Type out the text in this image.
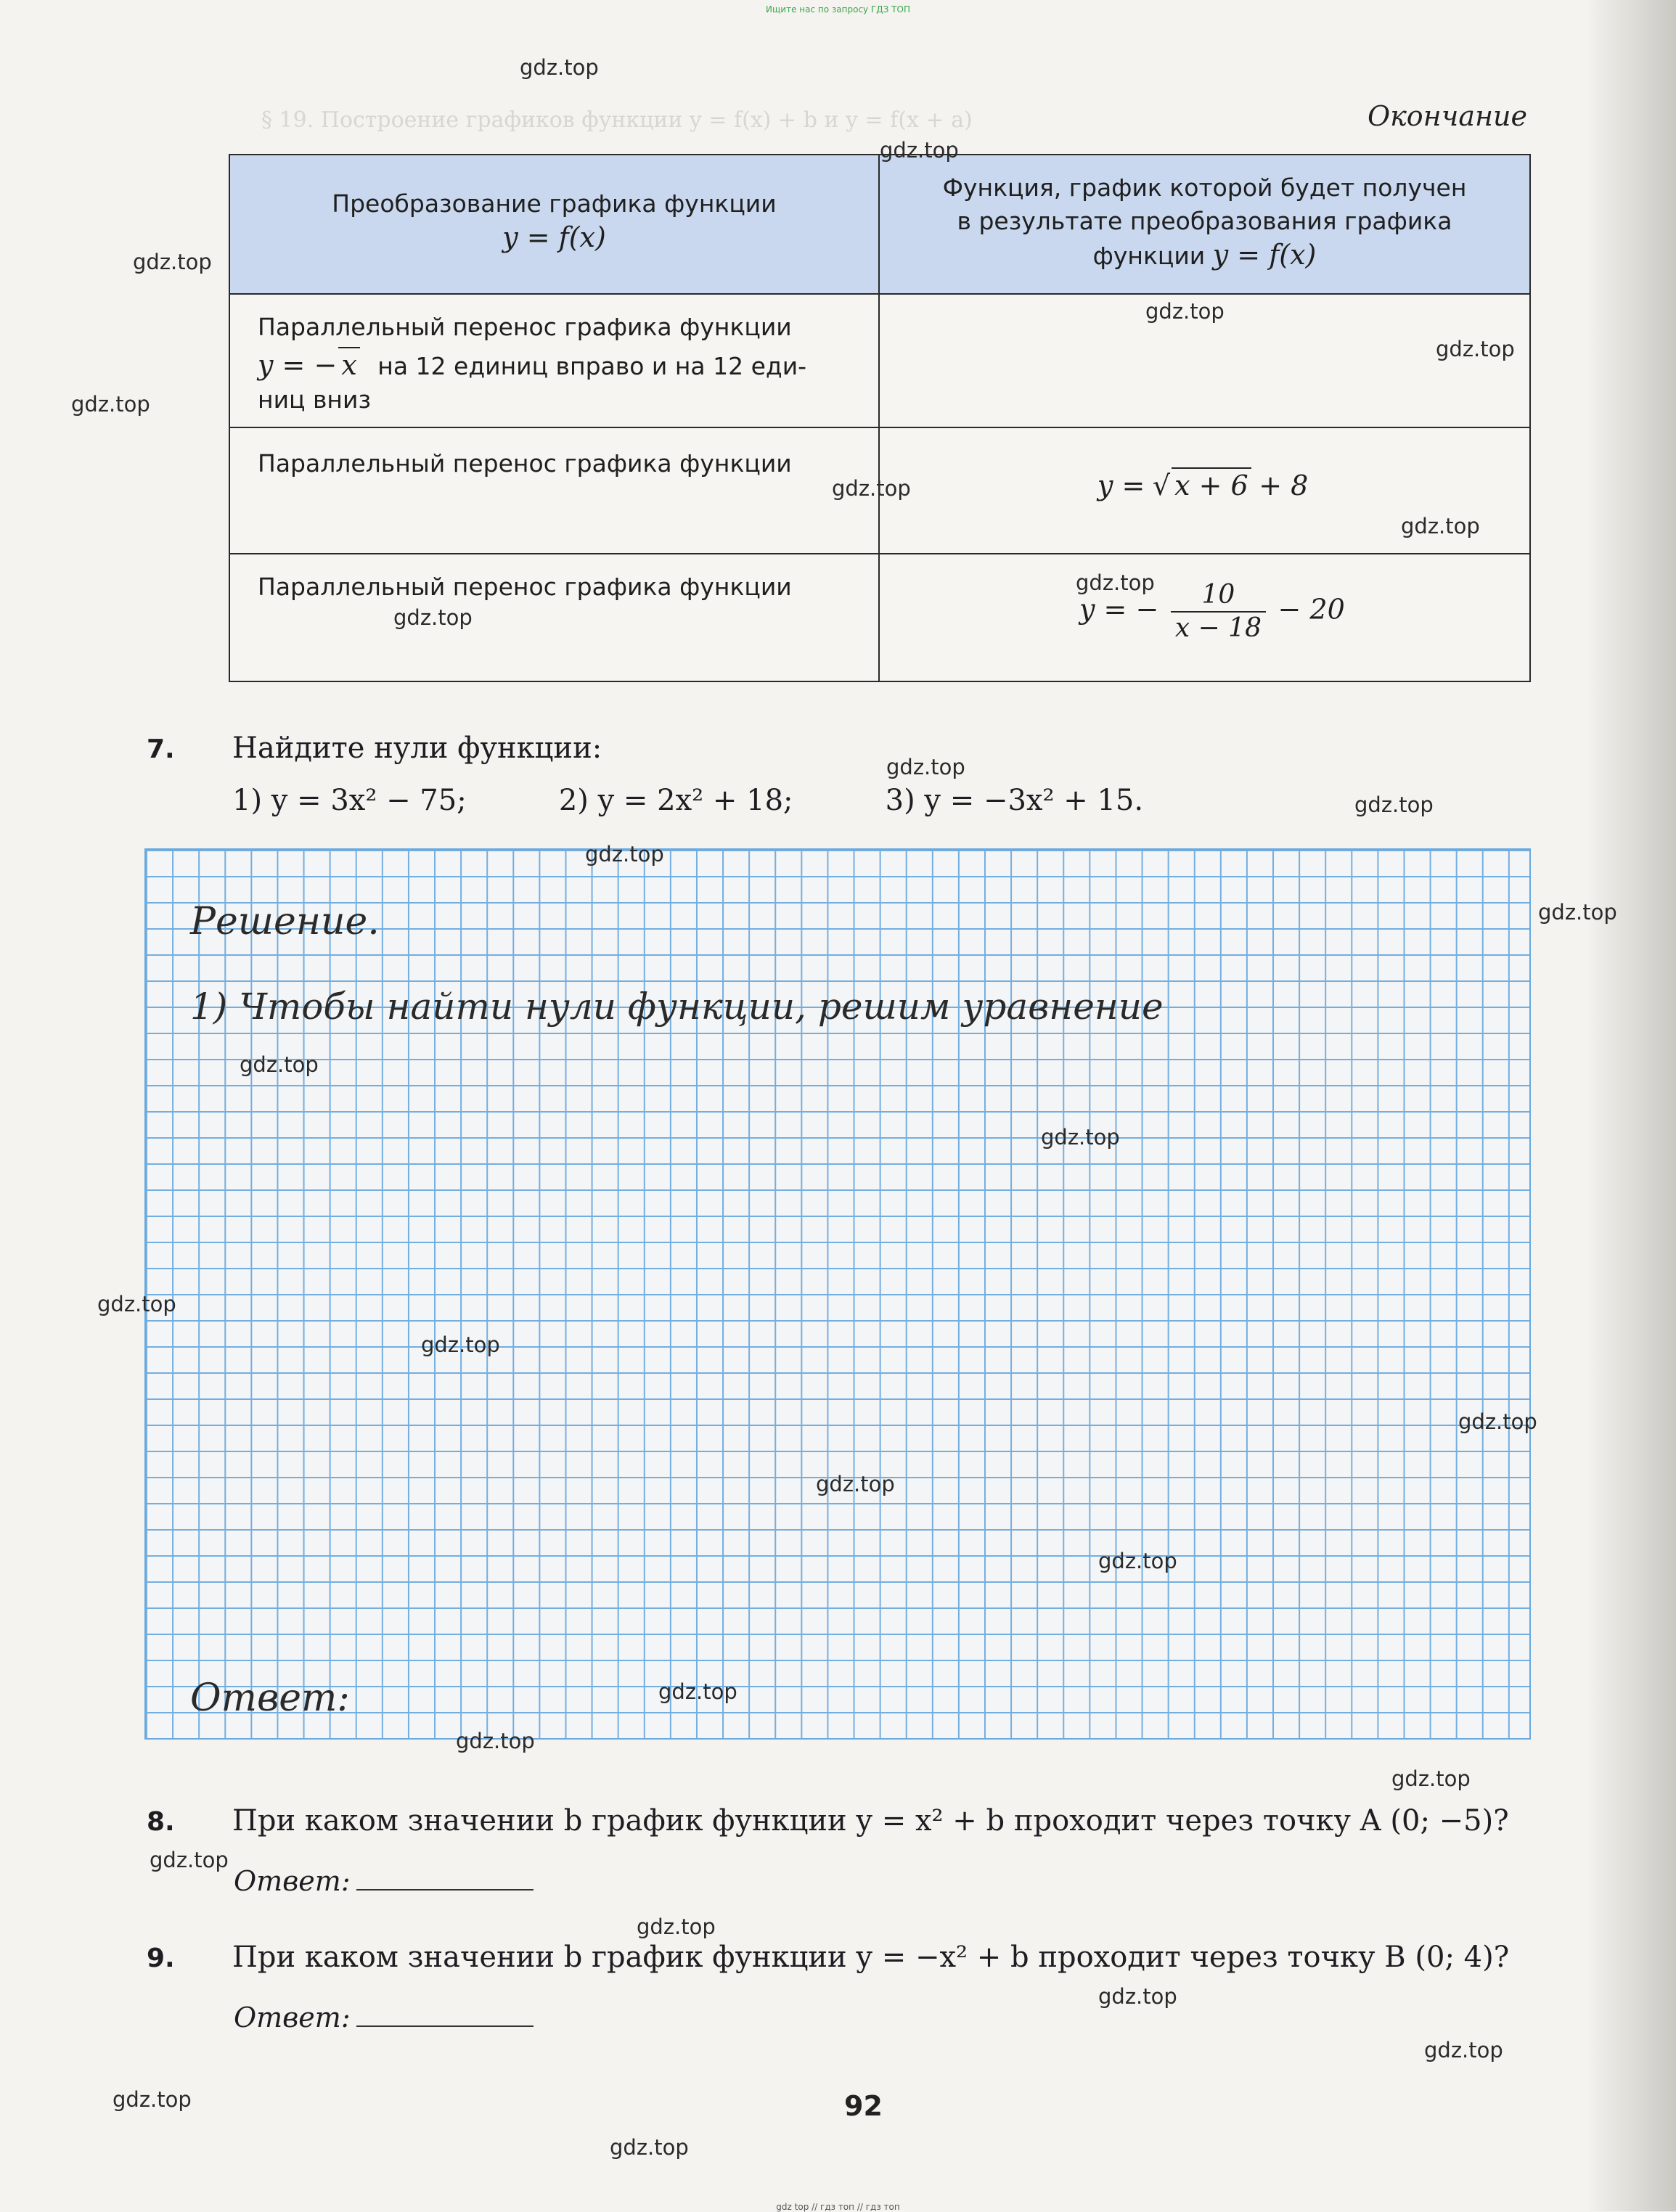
§ 19. Построение графиков функции y = f(x) + b и y = f(x + a)
Ищите нас по запросу ГДЗ ТОП
Окончание
Преобразование графика функции
y = f(x)
Функция, график которой будет получен
в результате преобразования графика
функции y = f(x)
Параллельный перенос графика функции
y = − x на 12 единиц вправо и на 12 еди-
ниц вниз
Параллельный перенос графика функции
y = √ x + 6 + 8
Параллельный перенос графика функции
y = − $\frac{10}{x - 18} - 20$
7. Найдите нули функции:
1) y = 3x² − 75;          2) y = 2x² + 18;          3) y = −3x² + 15.
Решение.
1) Чтобы найти нули функции, решим уравнение
Ответ:
8. При каком значении b график функции y = x² + b проходит через точку A (0; −5)?
Ответ:
9. При каком значении b график функции y = −x² + b проходит через точку B (0; 4)?
Ответ:
92
gdz.top
gdz.top
gdz.top
gdz.top
gdz.top
gdz.top
gdz.top
gdz.top
gdz.top
gdz.top
gdz.top
gdz.top
gdz.top
gdz.top
gdz.top
gdz.top
gdz.top
gdz.top
gdz.top
gdz.top
gdz.top
gdz.top
gdz.top
gdz.top
gdz.top
gdz.top
gdz.top
gdz.top
gdz.top
gdz.top
gdz top // гдз топ // гдз топ
